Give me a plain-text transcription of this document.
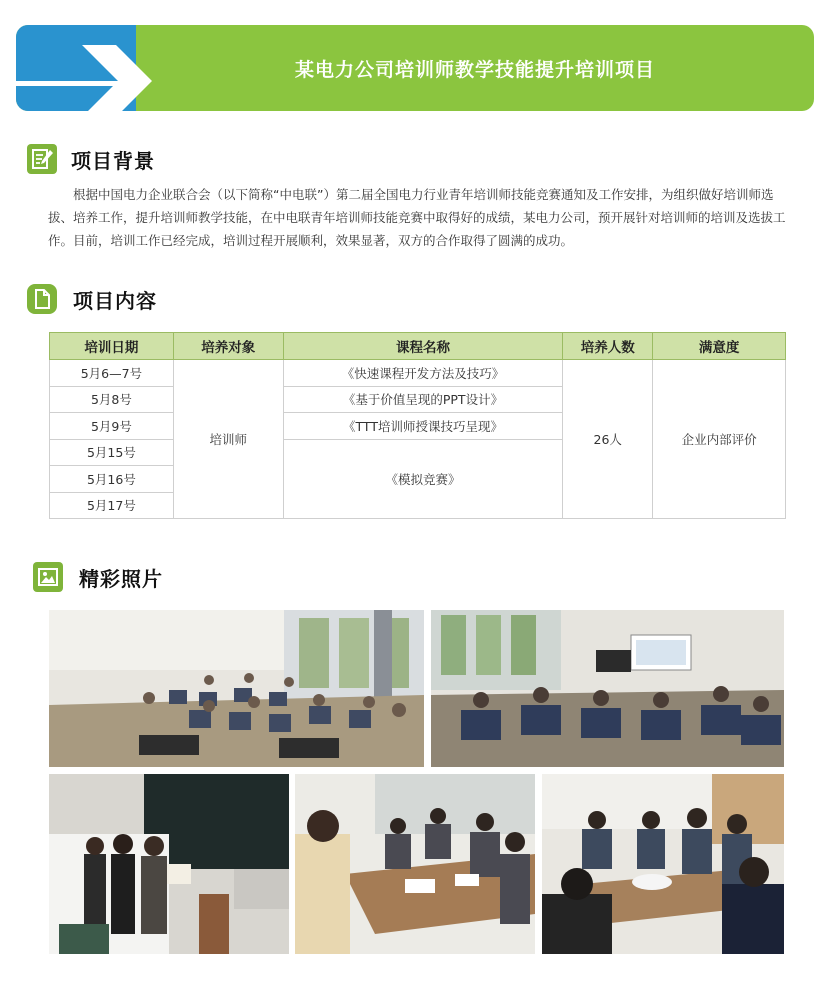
某电力公司培训师教学技能提升培训项目
项目背景
根据中国电力企业联合会（以下简称“中电联”）第二届全国电力行业青年培训师技能竞赛通知及工作安排，为组织做好培训师选拔、培养工作，提升培训师教学技能，在中电联青年培训师技能竞赛中取得好的成绩，某电力公司，预开展针对培训师的培训及选拔工作。目前，培训工作已经完成，培训过程开展顺利，效果显著，双方的合作取得了圆满的成功。
项目内容
培训日期	培养对象	课程名称	培养人数	满意度
5月6—7号	培训师	《快速课程开发方法及技巧》	26人	企业内部评价
5月8号		《基于价值呈现的PPT设计》		
5月9号		《TTT培训师授课技巧呈现》		
5月15号		《模拟竞赛》		
5月16号				
5月17号				
精彩照片
